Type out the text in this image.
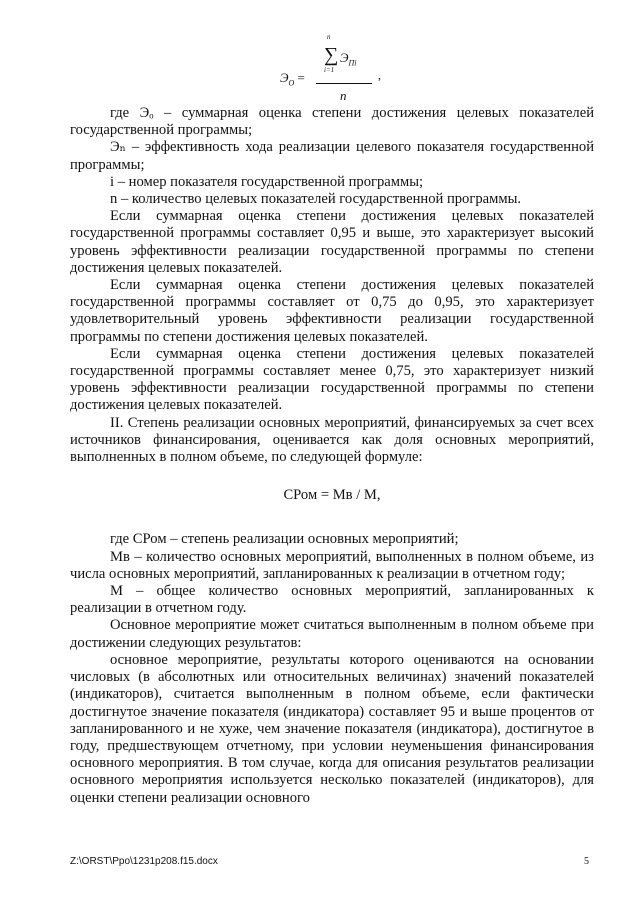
n
∑
i=1
$Э_{Пi}$
$Э_О$ =	,
n

где Эₒ – суммарная оценка степени достижения целевых показателей государственной программы;

Эₙ – эффективность хода реализации целевого показателя государственной программы;

i – номер показателя государственной программы;

n – количество целевых показателей государственной программы.

Если суммарная оценка степени достижения целевых показателей государственной программы составляет 0,95 и выше, это характеризует высокий уровень эффективности реализации государственной программы по степени достижения целевых показателей.

Если суммарная оценка степени достижения целевых показателей государственной программы составляет от 0,75 до 0,95, это характеризует удовлетворительный уровень эффективности реализации государственной программы по степени достижения целевых показателей.

Если суммарная оценка степени достижения целевых показателей государственной программы составляет менее 0,75, это характеризует низкий уровень эффективности реализации государственной программы по степени достижения целевых показателей.

II. Степень реализации основных мероприятий, финансируемых за счет всех источников финансирования, оценивается как доля основных мероприятий, выполненных в полном объеме, по следующей формуле:

СРом = Мв / М,

где СРом – степень реализации основных мероприятий;

Мв – количество основных мероприятий, выполненных в полном объеме, из числа основных мероприятий, запланированных к реализации в отчетном году;

М – общее количество основных мероприятий, запланированных к реализации в отчетном году.

Основное мероприятие может считаться выполненным в полном объеме при достижении следующих результатов:

основное мероприятие, результаты которого оцениваются на основании числовых (в абсолютных или относительных величинах) значений показателей (индикаторов), считается выполненным в полном объеме, если фактически достигнутое значение показателя (индикатора) составляет 95 и выше процентов от запланированного и не хуже, чем значение показателя (индикатора), достигнутое в году, предшествующем отчетному, при условии неуменьшения финансирования основного мероприятия. В том случае, когда для описания результатов реализации основного мероприятия используется несколько показателей (индикаторов), для оценки степени реализации основного

Z:\ORST\Ppo\1231p208.f15.docx	5
